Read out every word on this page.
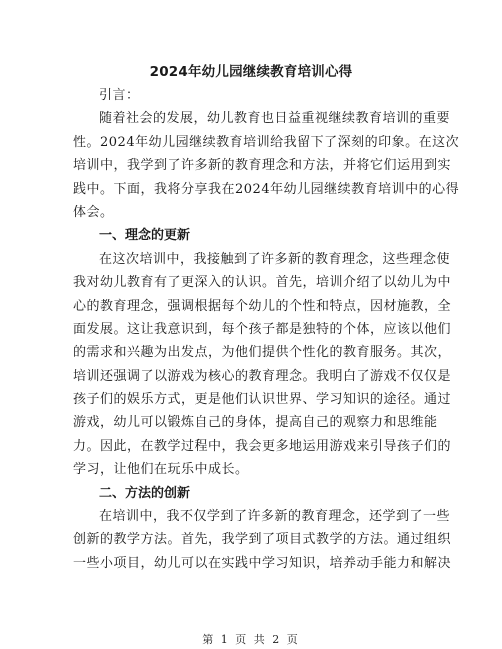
2024年幼儿园继续教育培训心得
引言：
随着社会的发展，幼儿教育也日益重视继续教育培训的重要
性。2024年幼儿园继续教育培训给我留下了深刻的印象。在这次
培训中，我学到了许多新的教育理念和方法，并将它们运用到实
践中。下面，我将分享我在2024年幼儿园继续教育培训中的心得
体会。
一、理念的更新
在这次培训中，我接触到了许多新的教育理念，这些理念使
我对幼儿教育有了更深入的认识。首先，培训介绍了以幼儿为中
心的教育理念，强调根据每个幼儿的个性和特点，因材施教，全
面发展。这让我意识到，每个孩子都是独特的个体，应该以他们
的需求和兴趣为出发点，为他们提供个性化的教育服务。其次，
培训还强调了以游戏为核心的教育理念。我明白了游戏不仅仅是
孩子们的娱乐方式，更是他们认识世界、学习知识的途径。通过
游戏，幼儿可以锻炼自己的身体，提高自己的观察力和思维能
力。因此，在教学过程中，我会更多地运用游戏来引导孩子们的
学习，让他们在玩乐中成长。
二、方法的创新
在培训中，我不仅学到了许多新的教育理念，还学到了一些
创新的教学方法。首先，我学到了项目式教学的方法。通过组织
一些小项目，幼儿可以在实践中学习知识，培养动手能力和解决
第 1 页 共 2 页
